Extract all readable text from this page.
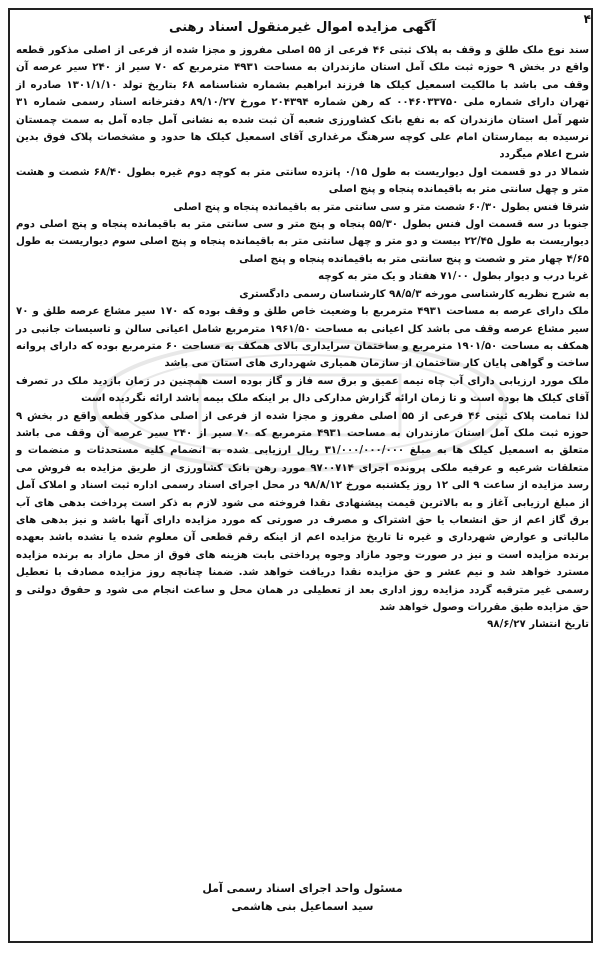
۴
آگهی مزایده اموال غیرمنقول اسناد رهنی

سند نوع ملک طلق و وقف به پلاک ثبتی ۴۶ فرعی از ۵۵ اصلی مفروز و مجزا شده از فرعی از اصلی مذکور قطعه واقع در بخش ۹ حوزه ثبت ملک آمل استان مازندران به مساحت ۴۹۳۱ مترمربع که ۷۰ سیر از ۲۴۰ سیر عرصه آن وقف می باشد با مالکیت اسمعیل کیلک ها فرزند ابراهیم بشماره شناسنامه ۶۸ بتاریخ تولد ۱۳۰۱/۱/۱۰ صادره از تهران دارای شماره ملی ۰۰۴۶۰۳۳۷۵۰ که رهن شماره ۲۰۴۳۹۴ مورخ ۸۹/۱۰/۲۷ دفترخانه اسناد رسمی شماره ۳۱ شهر آمل استان مازندران که به نفع بانک کشاورزی شعبه آن ثبت شده به نشانی آمل جاده آمل به سمت چمستان نرسیده به بیمارستان امام علی کوچه سرهنگ مرغداری آقای اسمعیل کیلک ها حدود و مشخصات پلاک فوق بدین شرح اعلام میگردد

شمالا در دو قسمت اول دیواریست به طول ۰/۱۵ پانزده سانتی متر به کوچه دوم غیره بطول ۶۸/۴۰ شصت و هشت متر و چهل سانتی متر به باقیمانده پنجاه و پنج اصلی

شرقا فنس بطول ۶۰/۳۰ شصت متر و سی سانتی متر به باقیمانده پنجاه و پنج اصلی

جنوبا در سه قسمت اول فنس بطول ۵۵/۳۰ پنجاه و پنج متر و سی سانتی متر به باقیمانده پنجاه و پنج اصلی دوم دیواریست به طول ۲۲/۴۵ بیست و دو متر و چهل سانتی متر به باقیمانده پنجاه و پنج اصلی سوم دیواریست به طول ۴/۶۵ چهار متر و شصت و پنج سانتی متر به باقیمانده پنجاه و پنج اصلی

غربا درب و دیوار بطول ۷۱/۰۰ هفتاد و یک متر به کوچه

به شرح نظریه کارشناسی مورخه ۹۸/۵/۳ کارشناسان رسمی دادگستری

ملک دارای عرصه به مساحت ۴۹۳۱ مترمربع با وضعیت خاص طلق و وقف بوده که ۱۷۰ سیر مشاع عرصه طلق و ۷۰ سیر مشاع عرصه وقف می باشد کل اعیانی به مساحت ۱۹۶۱/۵۰ مترمربع شامل اعیانی سالن و تاسیسات جانبی در همکف به مساحت ۱۹۰۱/۵۰ مترمربع و ساختمان سرایداری بالای همکف به مساحت ۶۰ مترمربع بوده که دارای پروانه ساخت و گواهی پایان کار ساختمان از سازمان همیاری شهرداری های استان می باشد

ملک مورد ارزیابی دارای آب چاه نیمه عمیق و برق سه فاز و گاز بوده است همچنین در زمان بازدید ملک در تصرف آقای کیلک ها بوده است و تا زمان ارائه گزارش مدارکی دال بر اینکه ملک بیمه باشد ارائه نگردیده است

لذا تمامت پلاک ثبتی ۴۶ فرعی از ۵۵ اصلی مفروز و مجزا شده از فرعی از اصلی مذکور قطعه واقع در بخش ۹ حوزه ثبت ملک آمل استان مازندران به مساحت ۴۹۳۱ مترمربع که ۷۰ سیر از ۲۴۰ سیر عرصه آن وقف می باشد متعلق به اسمعیل کیلک ها به مبلغ ۳۱/۰۰۰/۰۰۰/۰۰۰ ریال ارزیابی شده به انضمام کلیه مستحدثات و منضمات و متعلقات شرعیه و عرفیه ملکی پرونده اجرای ۹۷۰۰۷۱۴ مورد رهن بانک کشاورزی از طریق مزایده به فروش می رسد مزایده از ساعت ۹ الی ۱۲ روز یکشنبه مورخ ۹۸/۸/۱۲ در محل اجرای اسناد رسمی اداره ثبت اسناد و املاک آمل از مبلغ ارزیابی آغاز و به بالاترین قیمت پیشنهادی نقدا فروخته می شود لازم به ذکر است پرداخت بدهی های آب برق گاز اعم از حق انشعاب یا حق اشتراک و مصرف در صورتی که مورد مزایده دارای آنها باشد و نیز بدهی های مالیاتی و عوارض شهرداری و غیره تا تاریخ مزایده اعم از اینکه رقم قطعی آن معلوم شده یا نشده باشد بعهده برنده مزایده است و نیز در صورت وجود مازاد وجوه پرداختی بابت هزینه های فوق از محل مازاد به برنده مزایده مسترد خواهد شد و نیم عشر و حق مزایده نقدا دریافت خواهد شد. ضمنا چنانچه روز مزایده مصادف با تعطیل رسمی غیر مترقبه گردد مزایده روز اداری بعد از تعطیلی در همان محل و ساعت انجام می شود و حقوق دولتی و حق مزایده طبق مقررات وصول خواهد شد

تاریخ انتشار ۹۸/۶/۲۷

مسئول واحد اجرای اسناد رسمی آمل
سید اسماعیل بنی هاشمی
